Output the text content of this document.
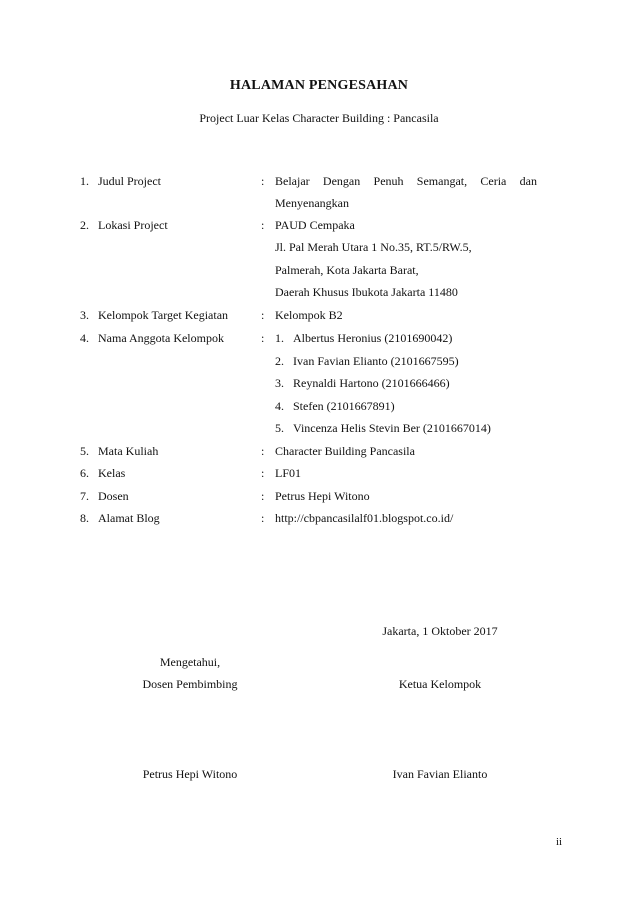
HALAMAN PENGESAHAN
Project Luar Kelas Character Building : Pancasila
1. Judul Project	: Belajar Dengan Penuh Semangat, Ceria dan
Menyenangkan
2. Lokasi Project	: PAUD Cempaka
Jl. Pal Merah Utara 1 No.35, RT.5/RW.5,
Palmerah, Kota Jakarta Barat,
Daerah Khusus Ibukota Jakarta 11480
3. Kelompok Target Kegiatan	: Kelompok B2
4. Nama Anggota Kelompok	: 1. Albertus Heronius (2101690042)
2. Ivan Favian Elianto (2101667595)
3. Reynaldi Hartono (2101666466)
4. Stefen (2101667891)
5. Vincenza Helis Stevin Ber (2101667014)
5. Mata Kuliah	: Character Building Pancasila
6. Kelas	: LF01
7. Dosen	: Petrus Hepi Witono
8. Alamat Blog	: http://cbpancasilalf01.blogspot.co.id/
Jakarta, 1 Oktober 2017
Mengetahui,
Dosen Pembimbing	Ketua Kelompok
Petrus Hepi Witono	Ivan Favian Elianto
ii
